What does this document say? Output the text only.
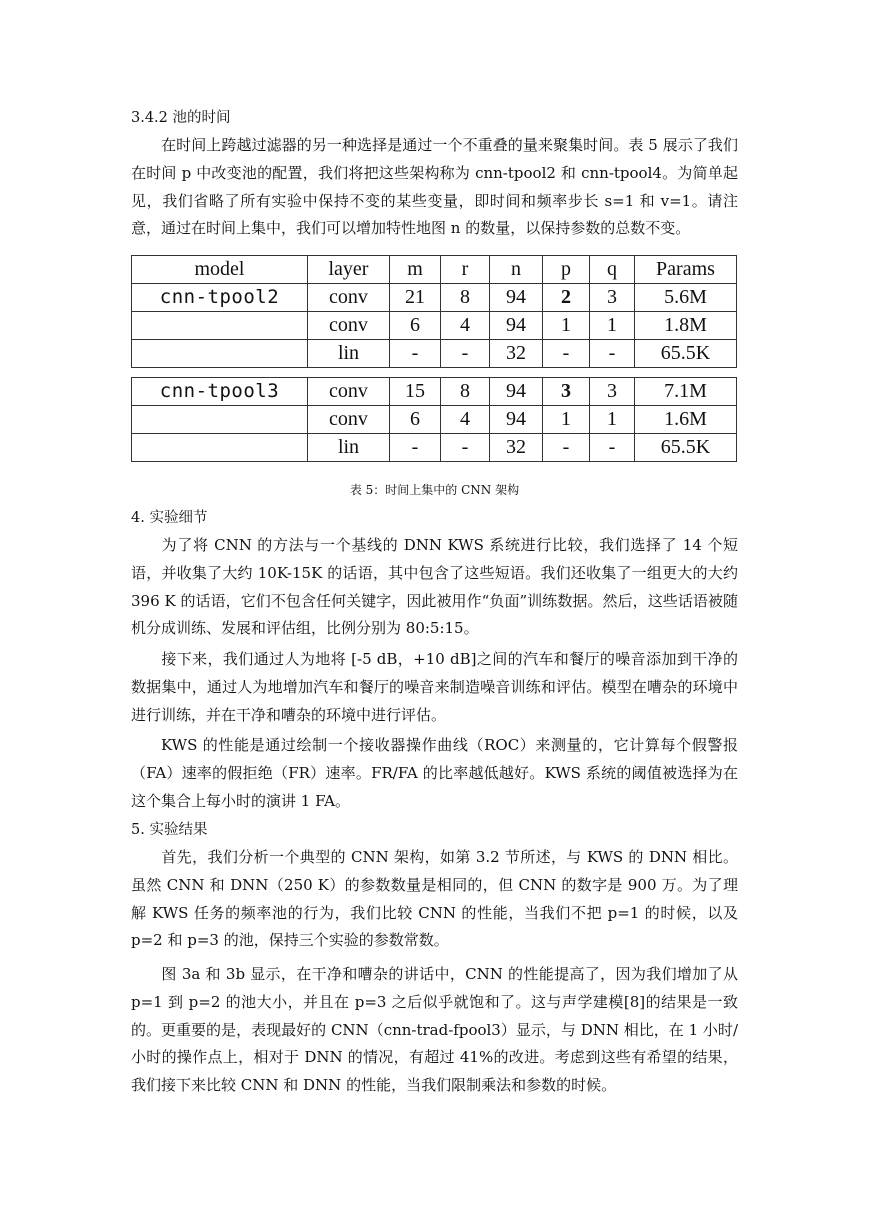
3.4.2 池的时间
在时间上跨越过滤器的另一种选择是通过一个不重叠的量来聚集时间。表 5 展示了我们在时间 p 中改变池的配置，我们将把这些架构称为 cnn-tpool2 和 cnn-tpool4。为简单起见，我们省略了所有实验中保持不变的某些变量，即时间和频率步长 s=1 和 v=1。请注意，通过在时间上集中，我们可以增加特性地图 n 的数量，以保持参数的总数不变。
model	layer	m	r	n	p	q	Params
cnn-tpool2	conv	21	8	94	2	3	5.6M
	conv	6	4	94	1	1	1.8M
	lin	-	-	32	-	-	65.5K
cnn-tpool3	conv	15	8	94	3	3	7.1M
	conv	6	4	94	1	1	1.6M
	lin	-	-	32	-	-	65.5K
表 5：时间上集中的 CNN 架构
4. 实验细节
为了将 CNN 的方法与一个基线的 DNN KWS 系统进行比较，我们选择了 14 个短语，并收集了大约 10K-15K 的话语，其中包含了这些短语。我们还收集了一组更大的大约 396 K 的话语，它们不包含任何关键字，因此被用作“负面”训练数据。然后，这些话语被随机分成训练、发展和评估组，比例分别为 80:5:15。
接下来，我们通过人为地将 [-5 dB，+10 dB]之间的汽车和餐厅的噪音添加到干净的数据集中，通过人为地增加汽车和餐厅的噪音来制造噪音训练和评估。模型在嘈杂的环境中进行训练，并在干净和嘈杂的环境中进行评估。
KWS 的性能是通过绘制一个接收器操作曲线（ROC）来测量的，它计算每个假警报（FA）速率的假拒绝（FR）速率。FR/FA 的比率越低越好。KWS 系统的阈值被选择为在这个集合上每小时的演讲 1 FA。
5. 实验结果
首先，我们分析一个典型的 CNN 架构，如第 3.2 节所述，与 KWS 的 DNN 相比。虽然 CNN 和 DNN（250 K）的参数数量是相同的，但 CNN 的数字是 900 万。为了理解 KWS 任务的频率池的行为，我们比较 CNN 的性能，当我们不把 p=1 的时候，以及 p=2 和 p=3 的池，保持三个实验的参数常数。
图 3a 和 3b 显示，在干净和嘈杂的讲话中，CNN 的性能提高了，因为我们增加了从 p=1 到 p=2 的池大小，并且在 p=3 之后似乎就饱和了。这与声学建模[8]的结果是一致的。更重要的是，表现最好的 CNN（cnn-trad-fpool3）显示，与 DNN 相比，在 1 小时/小时的操作点上，相对于 DNN 的情况，有超过 41%的改进。考虑到这些有希望的结果，我们接下来比较 CNN 和 DNN 的性能，当我们限制乘法和参数的时候。
